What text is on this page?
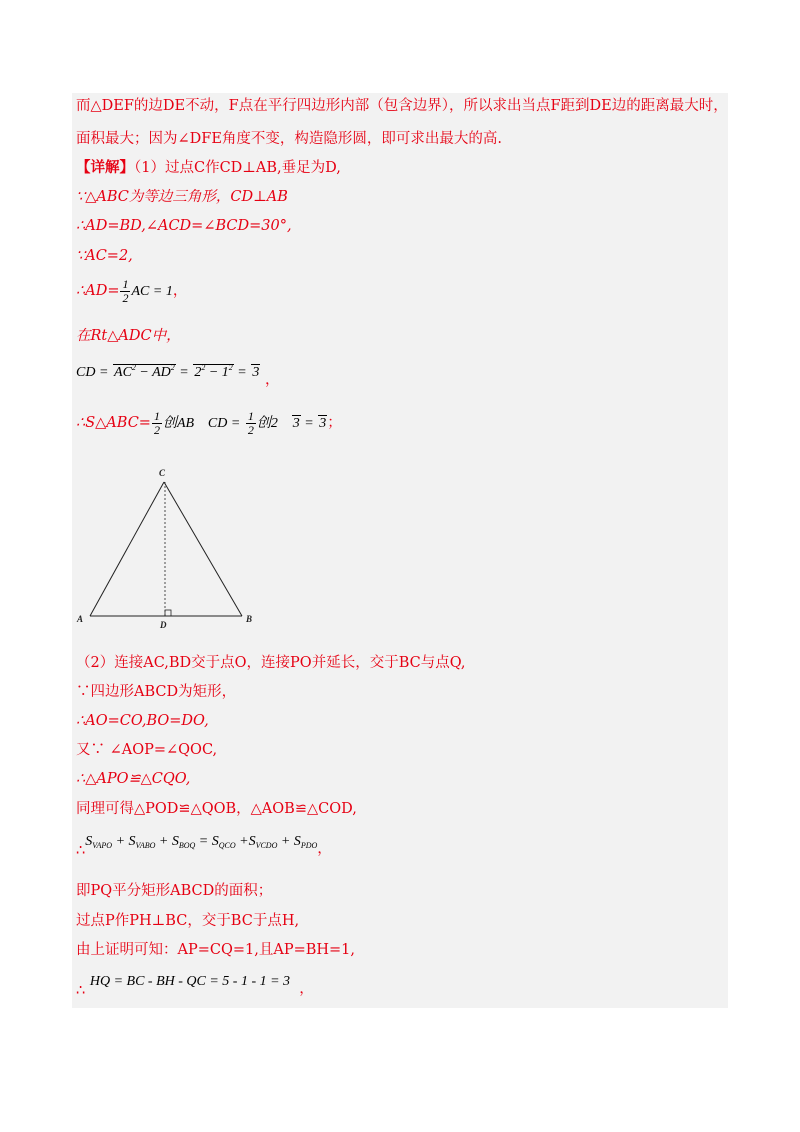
而△DEF的边DE不动，F点在平行四边形内部（包含边界），所以求出当点F距到DE边的距离最大时，
面积最大；因为∠DFE角度不变，构造隐形圆，即可求出最大的高.
【详解】（1）过点C作CD⊥AB,垂足为D,
∵△ABC为等边三角形，CD⊥AB
∴AD=BD,∠ACD=∠BCD=30°,
∵AC=2,
∴AD= $\frac{1}{2}$ AC = 1，
在Rt△ADC中，
CD = $AC^2 - AD^2 = 2^2 - 1^2 = 3$ ，
∴S△ABC= $\frac{1}{2}$ 创AB CD = $\frac{1}{2}$ 创2 3 = 3；
C
A	B
D
（2）连接AC,BD交于点O，连接PO并延长，交于BC与点Q,
∵四边形ABCD为矩形，
∴AO=CO,BO=DO,
又∵ ∠AOP=∠QOC,
∴△APO≌△CQO,
同理可得△POD≌△QOB，△AOB≌△COD,
$\therefore S_{VAPO} + S_{VABO} + S_{BOQ} = S_{QCO} +S_{VCDO} + S_{PDO}$，
即PQ平分矩形ABCD的面积；
过点P作PH⊥BC，交于BC于点H,
由上证明可知：AP=CQ=1,且AP=BH=1,
∴ HQ = BC - BH - QC = 5 - 1 - 1 = 3 ，
